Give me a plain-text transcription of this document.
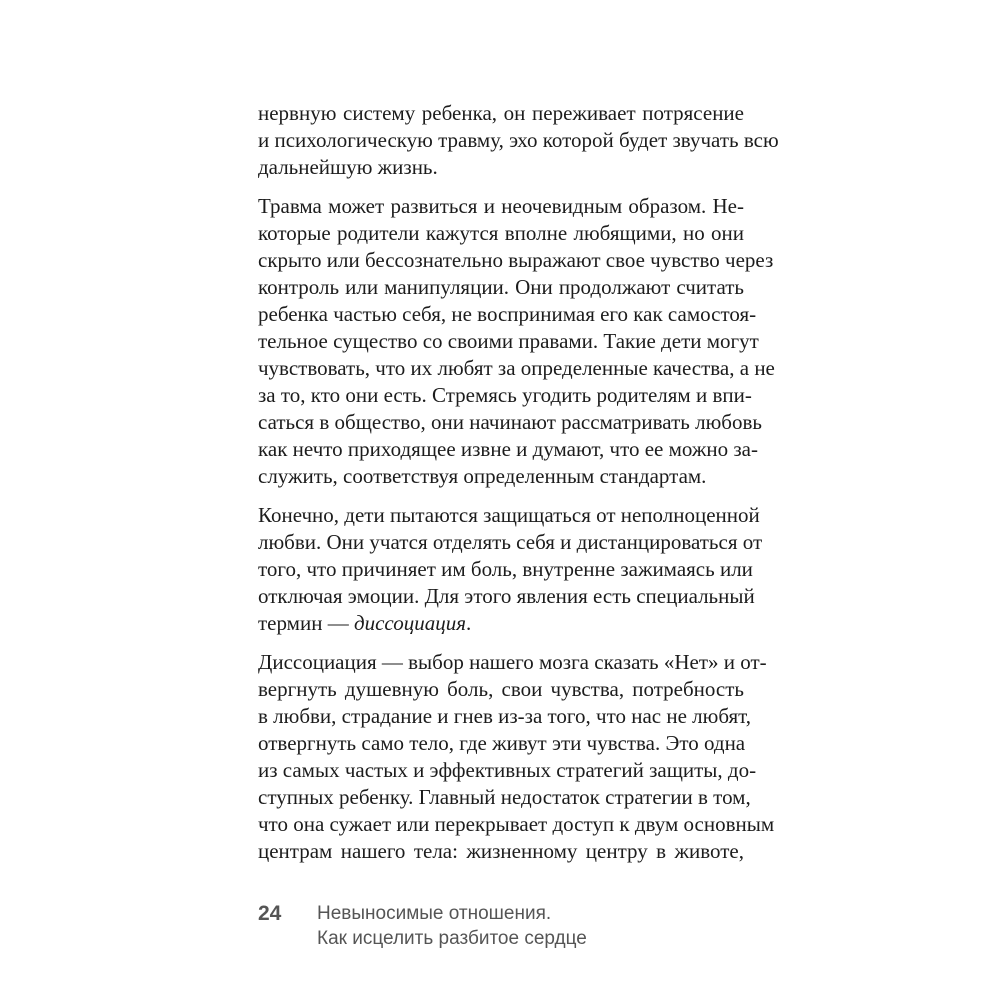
нервную систему ребенка, он переживает потрясение
и психологическую травму, эхо которой будет звучать всю
дальнейшую жизнь.
Травма может развиться и неочевидным образом. Не-
которые родители кажутся вполне любящими, но они
скрыто или бессознательно выражают свое чувство через
контроль или манипуляции. Они продолжают считать
ребенка частью себя, не воспринимая его как самостоя-
тельное существо со своими правами. Такие дети могут
чувствовать, что их любят за определенные качества, а не
за то, кто они есть. Стремясь угодить родителям и впи-
саться в общество, они начинают рассматривать любовь
как нечто приходящее извне и думают, что ее можно за-
служить, соответствуя определенным стандартам.
Конечно, дети пытаются защищаться от неполноценной
любви. Они учатся отделять себя и дистанцироваться от
того, что причиняет им боль, внутренне зажимаясь или
отключая эмоции. Для этого явления есть специальный
термин — диссоциация.
Диссоциация — выбор нашего мозга сказать «Нет» и от-
вергнуть душевную боль, свои чувства, потребность
в любви, страдание и гнев из-за того, что нас не любят,
отвергнуть само тело, где живут эти чувства. Это одна
из самых частых и эффективных стратегий защиты, до-
ступных ребенку. Главный недостаток стратегии в том,
что она сужает или перекрывает доступ к двум основным
центрам нашего тела: жизненному центру в животе,
24 Невыносимые отношения.
Как исцелить разбитое сердце
